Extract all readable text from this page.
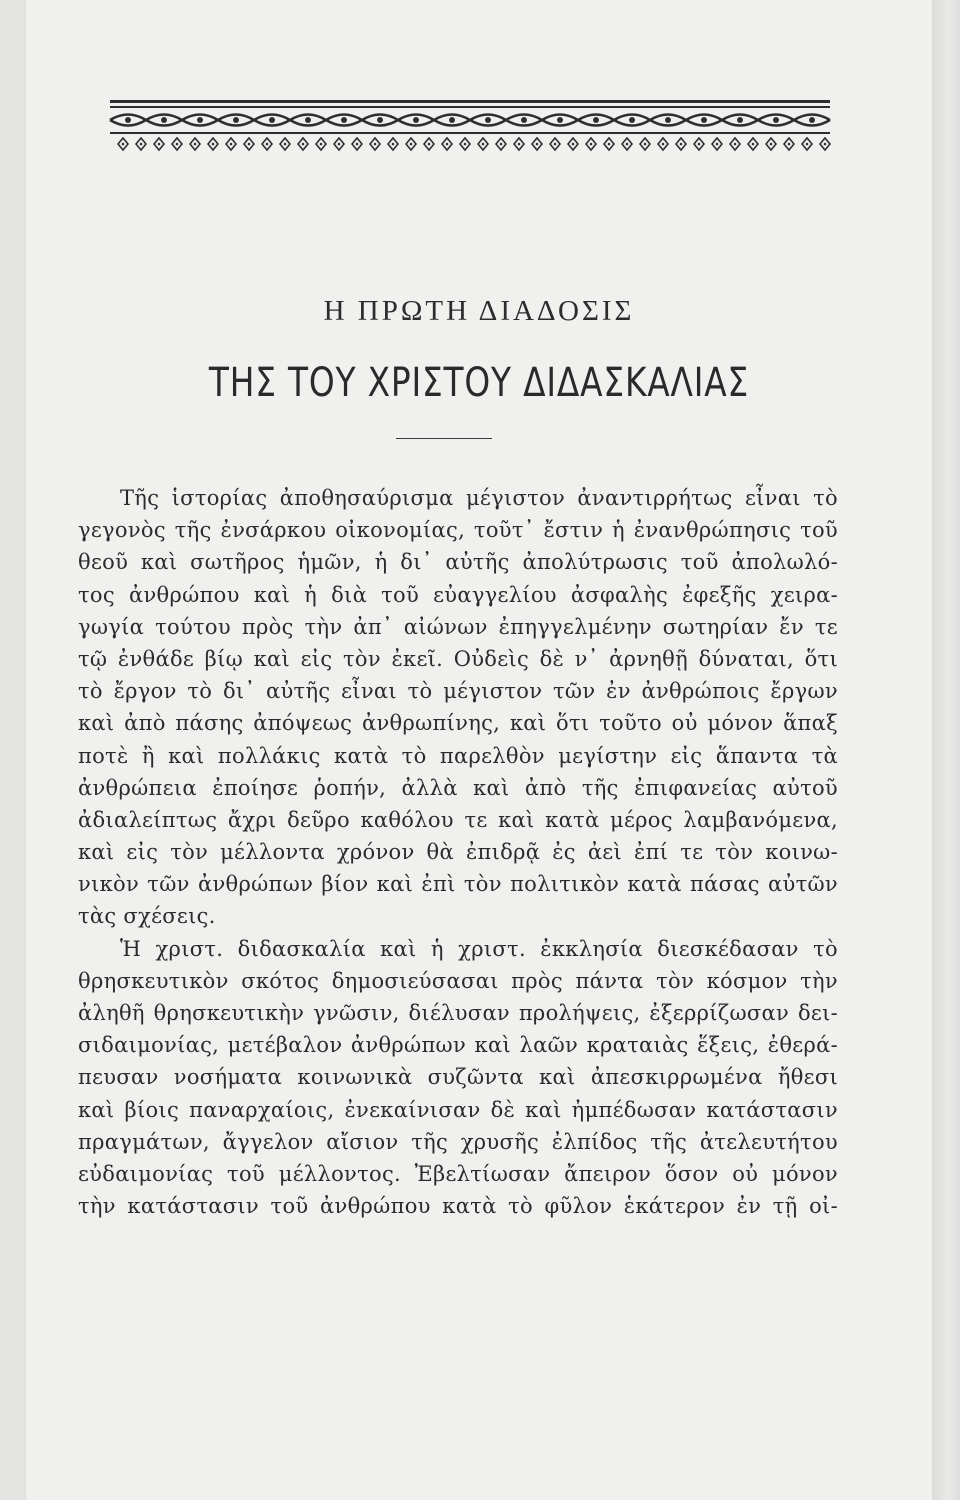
Η ΠΡΩΤΗ ΔΙΑΔΟΣΙΣ
ΤΗΣ ΤΟΥ ΧΡΙΣΤΟΥ ΔΙΔΑΣΚΑΛΙΑΣ
Τῆς ἱστορίας ἀποθησαύρισμα μέγιστον ἀναντιρρήτως εἶναι τὸ
γεγονὸς τῆς ἐνσάρκου οἰκονομίας, τοῦτ᾽ ἔστιν ἡ ἐνανθρώπησις τοῦ
θεοῦ καὶ σωτῆρος ἡμῶν, ἡ δι᾽ αὐτῆς ἀπολύτρωσις τοῦ ἀπολωλό-
τος ἀνθρώπου καὶ ἡ διὰ τοῦ εὐαγγελίου ἀσφαλὴς ἐφεξῆς χειρα-
γωγία τούτου πρὸς τὴν ἀπ᾽ αἰώνων ἐπηγγελμένην σωτηρίαν ἔν τε
τῷ ἐνθάδε βίῳ καὶ εἰς τὸν ἐκεῖ. Οὐδεὶς δὲ ν᾽ ἀρνηθῇ δύναται, ὅτι
τὸ ἔργον τὸ δι᾽ αὐτῆς εἶναι τὸ μέγιστον τῶν ἐν ἀνθρώποις ἔργων
καὶ ἀπὸ πάσης ἀπόψεως ἀνθρωπίνης, καὶ ὅτι τοῦτο οὐ μόνον ἅπαξ
ποτὲ ἢ καὶ πολλάκις κατὰ τὸ παρελθὸν μεγίστην εἰς ἅπαντα τὰ
ἀνθρώπεια ἐποίησε ῥοπήν, ἀλλὰ καὶ ἀπὸ τῆς ἐπιφανείας αὐτοῦ
ἀδιαλείπτως ἄχρι δεῦρο καθόλου τε καὶ κατὰ μέρος λαμβανόμενα,
καὶ εἰς τὸν μέλλοντα χρόνον θὰ ἐπιδρᾷ ἐς ἀεὶ ἐπί τε τὸν κοινω-
νικὸν τῶν ἀνθρώπων βίον καὶ ἐπὶ τὸν πολιτικὸν κατὰ πάσας αὐτῶν
τὰς σχέσεις.
Ἡ χριστ. διδασκαλία καὶ ἡ χριστ. ἐκκλησία διεσκέδασαν τὸ
θρησκευτικὸν σκότος δημοσιεύσασαι πρὸς πάντα τὸν κόσμον τὴν
ἀληθῆ θρησκευτικὴν γνῶσιν, διέλυσαν προλήψεις, ἐξερρίζωσαν δει-
σιδαιμονίας, μετέβαλον ἀνθρώπων καὶ λαῶν κραταιὰς ἕξεις, ἐθερά-
πευσαν νοσήματα κοινωνικὰ συζῶντα καὶ ἀπεσκιρρωμένα ἤθεσι
καὶ βίοις παναρχαίοις, ἐνεκαίνισαν δὲ καὶ ἠμπέδωσαν κατάστασιν
πραγμάτων, ἄγγελον αἴσιον τῆς χρυσῆς ἐλπίδος τῆς ἀτελευτήτου
εὐδαιμονίας τοῦ μέλλοντος. Ἐβελτίωσαν ἄπειρον ὅσον οὐ μόνον
τὴν κατάστασιν τοῦ ἀνθρώπου κατὰ τὸ φῦλον ἑκάτερον ἐν τῇ οἰ-
